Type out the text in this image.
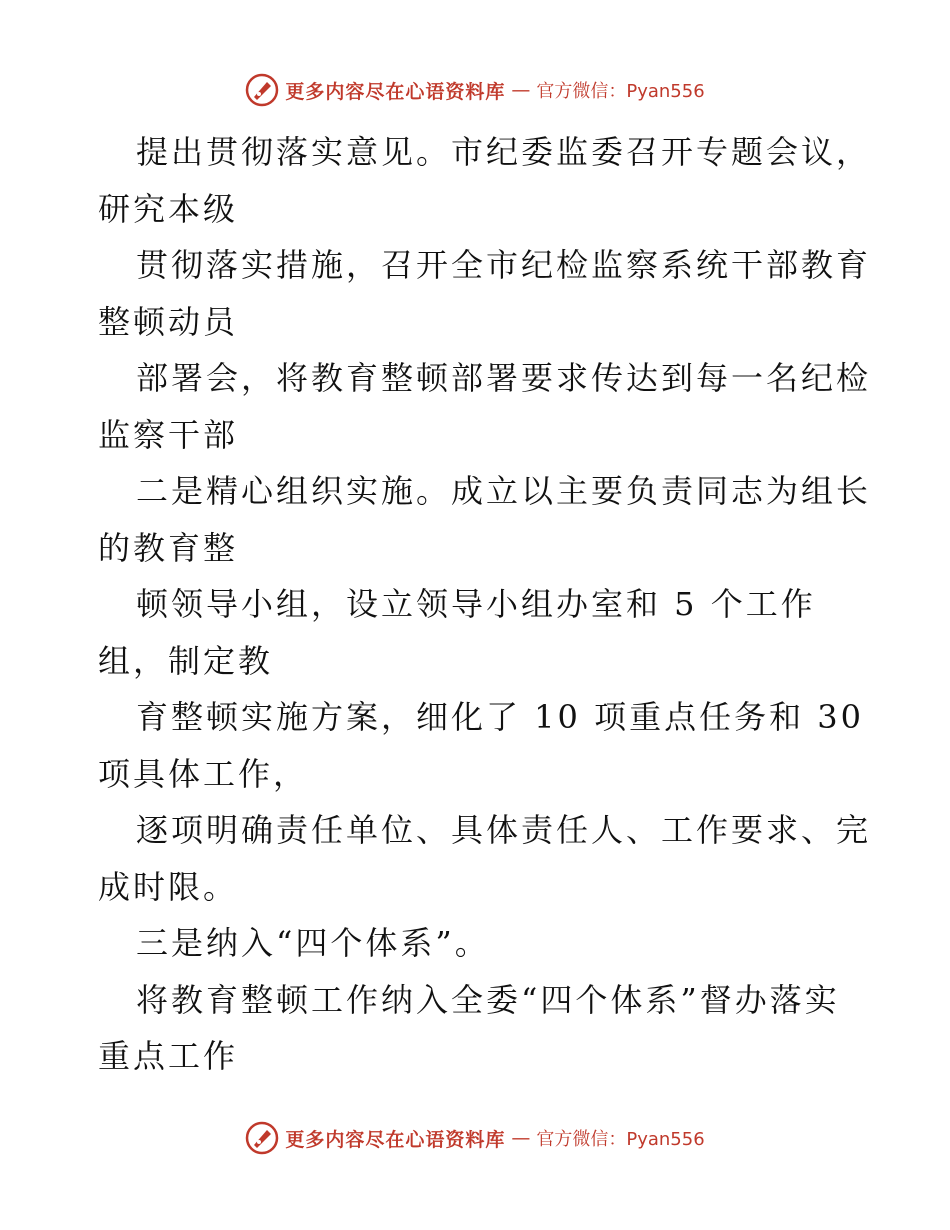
更多内容尽在心语资料库 — 官方微信：Pyan556

提出贯彻落实意见。市纪委监委召开专题会议，
研究本级

贯彻落实措施，召开全市纪检监察系统干部教育
整顿动员

部署会，将教育整顿部署要求传达到每一名纪检
监察干部

二是精心组织实施。成立以主要负责同志为组长
的教育整

顿领导小组，设立领导小组办室和 5 个工作
组，制定教

育整顿实施方案，细化了 10 项重点任务和 30
项具体工作，

逐项明确责任单位、具体责任人、工作要求、完
成时限。

三是纳入“四个体系”。

将教育整顿工作纳入全委“四个体系”督办落实
重点工作

更多内容尽在心语资料库 — 官方微信：Pyan556
